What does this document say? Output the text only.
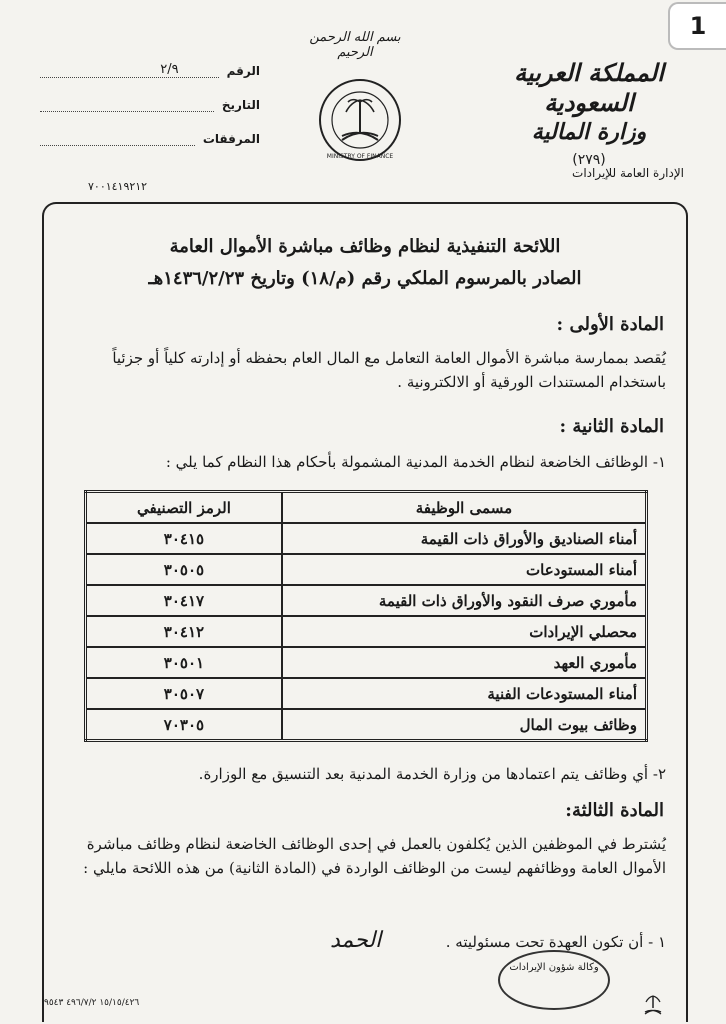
1
بسم الله الرحمن الرحيم
MINISTRY OF FINANCE
المملكة العربية السعودية
وزارة المالية
(٢٧٩)
الإدارة العامة للإيرادات
الرقم
٢/٩
التاريخ
المرفقات
٧٠٠١٤١٩٢١٢
اللائحة التنفيذية لنظام وظائف مباشرة الأموال العامة
الصادر بالمرسوم الملكي رقم (م/١٨) وتاريخ ١٤٣٦/٢/٢٣هـ
المادة الأولى :
يُقصد بممارسة مباشرة الأموال العامة التعامل مع المال العام بحفظه أو إدارته كلياً أو جزئياً باستخدام المستندات الورقية أو الالكترونية .
المادة الثانية :
١- الوظائف الخاضعة لنظام الخدمة المدنية المشمولة بأحكام هذا النظام كما يلي :
مسمى الوظيفة	الرمز التصنيفي
أمناء الصناديق والأوراق ذات القيمة	٣٠٤١٥
أمناء المستودعات	٣٠٥٠٥
مأموري صرف النقود والأوراق ذات القيمة	٣٠٤١٧
محصلي الإيرادات	٣٠٤١٢
مأموري العهد	٣٠٥٠١
أمناء المستودعات الفنية	٣٠٥٠٧
وظائف بيوت المال	٧٠٣٠٥
٢- أي وظائف يتم اعتمادها من وزارة الخدمة المدنية بعد التنسيق مع الوزارة.
المادة الثالثة:
يُشترط في الموظفين الذين يُكلفون بالعمل في إحدى الوظائف الخاضعة لنظام وظائف مباشرة الأموال العامة ووظائفهم ليست من الوظائف الواردة في (المادة الثانية) من هذه اللائحة مايلي :
١ - أن تكون العهدة تحت مسئوليته .
الحمد
وكالة شؤون الإيرادات
١٥/١٥/٤٢٦ ٤٩٦/٧/٢ ٩٥٤٣
